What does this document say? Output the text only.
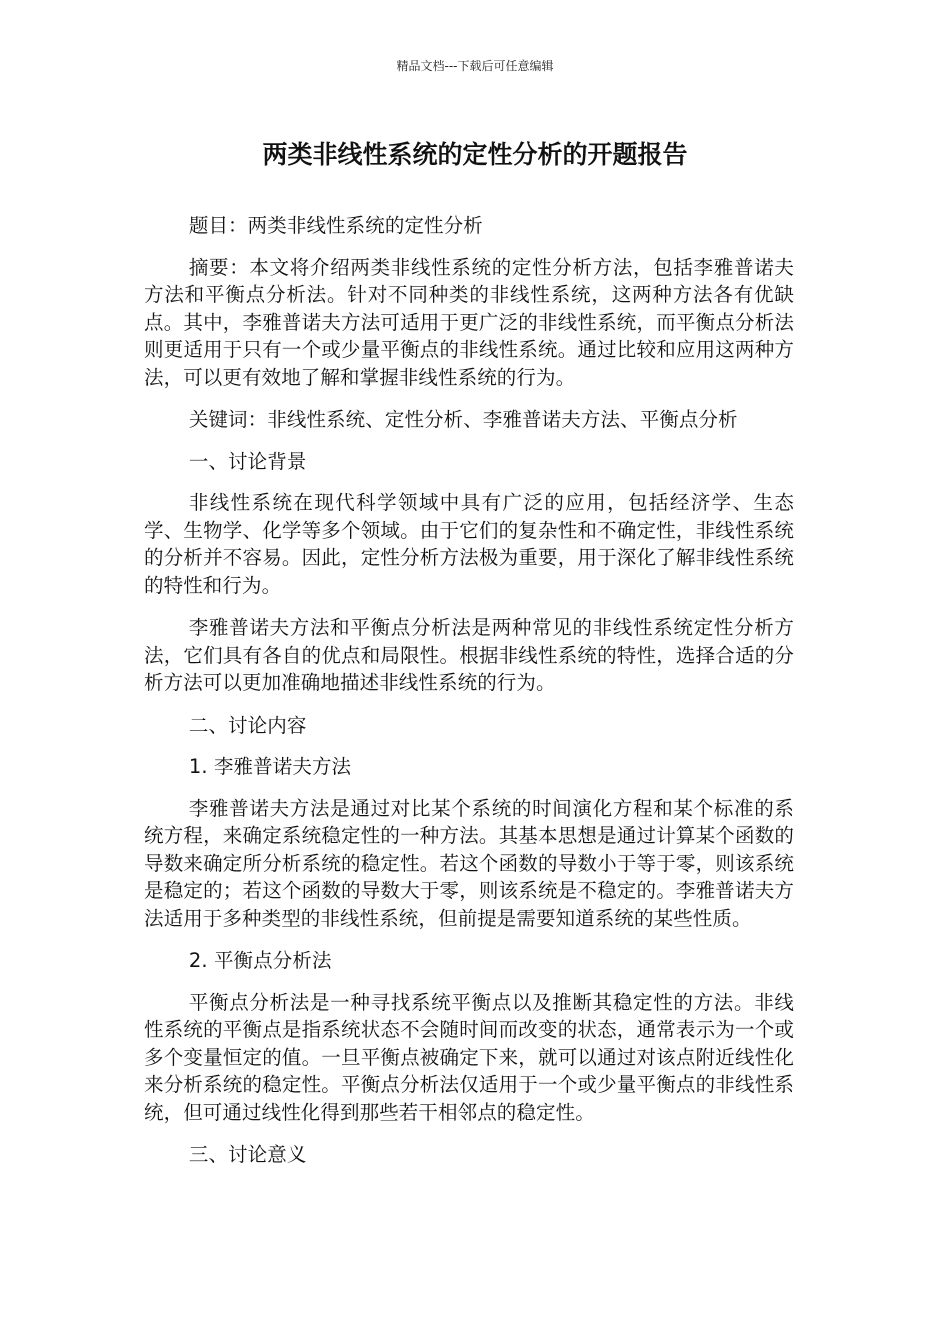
精品文档---下载后可任意编辑
两类非线性系统的定性分析的开题报告

题目：两类非线性系统的定性分析

摘要：本文将介绍两类非线性系统的定性分析方法，包括李雅普诺夫方法和平衡点分析法。针对不同种类的非线性系统，这两种方法各有优缺点。其中，李雅普诺夫方法可适用于更广泛的非线性系统，而平衡点分析法则更适用于只有一个或少量平衡点的非线性系统。通过比较和应用这两种方法，可以更有效地了解和掌握非线性系统的行为。

关键词：非线性系统、定性分析、李雅普诺夫方法、平衡点分析

一、讨论背景

非线性系统在现代科学领域中具有广泛的应用，包括经济学、生态学、生物学、化学等多个领域。由于它们的复杂性和不确定性，非线性系统的分析并不容易。因此，定性分析方法极为重要，用于深化了解非线性系统的特性和行为。

李雅普诺夫方法和平衡点分析法是两种常见的非线性系统定性分析方法，它们具有各自的优点和局限性。根据非线性系统的特性，选择合适的分析方法可以更加准确地描述非线性系统的行为。

二、讨论内容

1. 李雅普诺夫方法

李雅普诺夫方法是通过对比某个系统的时间演化方程和某个标准的系统方程，来确定系统稳定性的一种方法。其基本思想是通过计算某个函数的导数来确定所分析系统的稳定性。若这个函数的导数小于等于零，则该系统是稳定的；若这个函数的导数大于零，则该系统是不稳定的。李雅普诺夫方法适用于多种类型的非线性系统，但前提是需要知道系统的某些性质。

2. 平衡点分析法

平衡点分析法是一种寻找系统平衡点以及推断其稳定性的方法。非线性系统的平衡点是指系统状态不会随时间而改变的状态，通常表示为一个或多个变量恒定的值。一旦平衡点被确定下来，就可以通过对该点附近线性化来分析系统的稳定性。平衡点分析法仅适用于一个或少量平衡点的非线性系统，但可通过线性化得到那些若干相邻点的稳定性。

三、讨论意义
